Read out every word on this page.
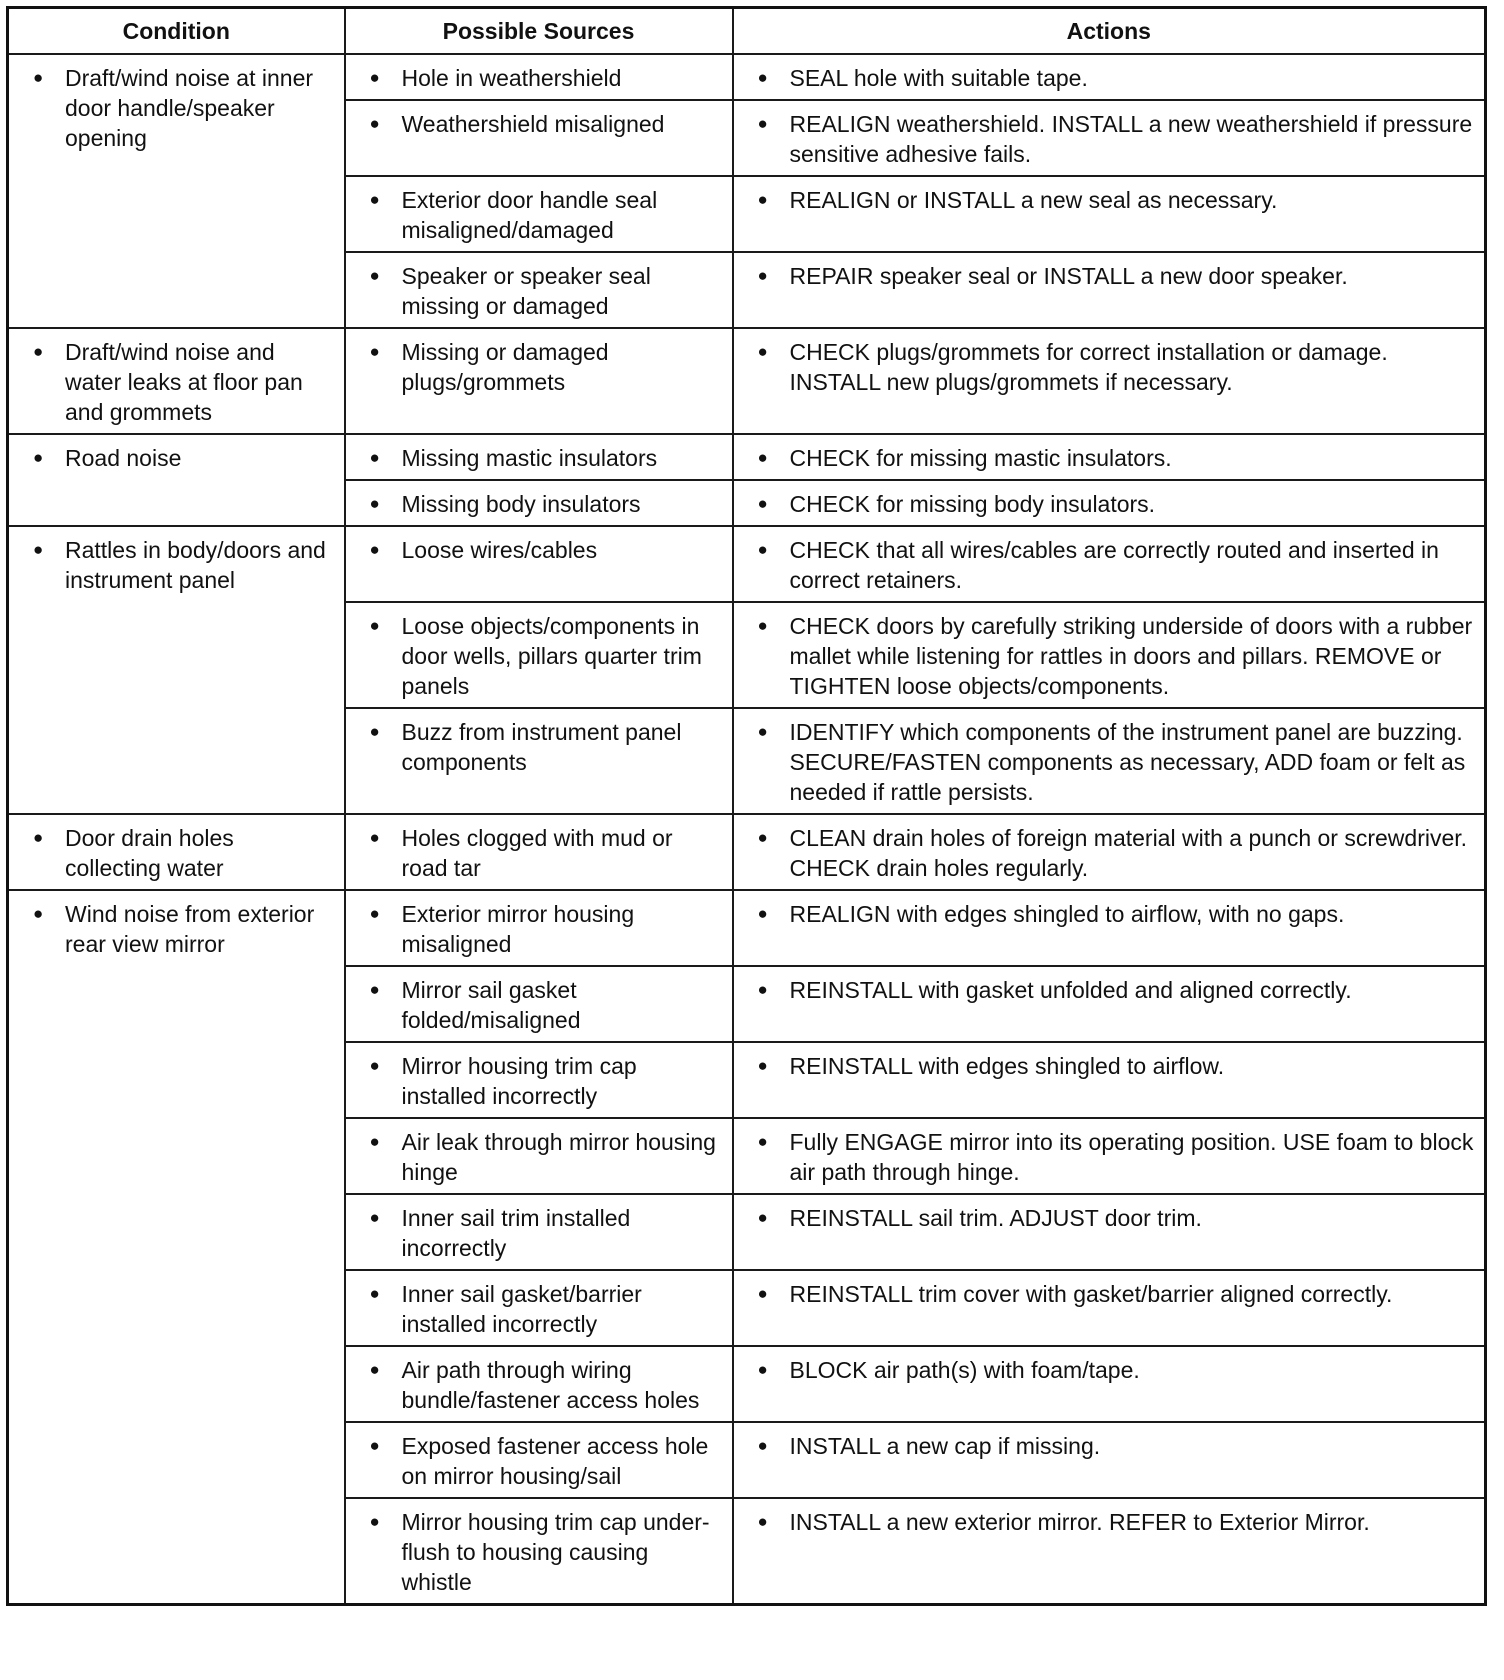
Condition	Possible Sources	Actions

● Draft/wind noise at inner door handle/speaker opening	● Hole in weathershield	● SEAL hole with suitable tape.

	● Weathershield misaligned	● REALIGN weathershield. INSTALL a new weathershield if pressure sensitive adhesive fails.

	● Exterior door handle seal misaligned/damaged	● REALIGN or INSTALL a new seal as necessary.

	● Speaker or speaker seal missing or damaged	● REPAIR speaker seal or INSTALL a new door speaker.

● Draft/wind noise and water leaks at floor pan and grommets	● Missing or damaged plugs/grommets	● CHECK plugs/grommets for correct installation or damage. INSTALL new plugs/grommets if necessary.

● Road noise	● Missing mastic insulators	● CHECK for missing mastic insulators.

	● Missing body insulators	● CHECK for missing body insulators.

● Rattles in body/doors and instrument panel	● Loose wires/cables	● CHECK that all wires/cables are correctly routed and inserted in correct retainers.

	● Loose objects/components in door wells, pillars quarter trim panels	● CHECK doors by carefully striking underside of doors with a rubber mallet while listening for rattles in doors and pillars. REMOVE or TIGHTEN loose objects/components.

	● Buzz from instrument panel components	● IDENTIFY which components of the instrument panel are buzzing. SECURE/FASTEN components as necessary, ADD foam or felt as needed if rattle persists.

● Door drain holes collecting water	● Holes clogged with mud or road tar	● CLEAN drain holes of foreign material with a punch or screwdriver. CHECK drain holes regularly.

● Wind noise from exterior rear view mirror	● Exterior mirror housing misaligned	● REALIGN with edges shingled to airflow, with no gaps.

	● Mirror sail gasket folded/misaligned	● REINSTALL with gasket unfolded and aligned correctly.

	● Mirror housing trim cap installed incorrectly	● REINSTALL with edges shingled to airflow.

	● Air leak through mirror housing hinge	● Fully ENGAGE mirror into its operating position. USE foam to block air path through hinge.

	● Inner sail trim installed incorrectly	● REINSTALL sail trim. ADJUST door trim.

	● Inner sail gasket/barrier installed incorrectly	● REINSTALL trim cover with gasket/barrier aligned correctly.

	● Air path through wiring bundle/fastener access holes	● BLOCK air path(s) with foam/tape.

	● Exposed fastener access hole on mirror housing/sail	● INSTALL a new cap if missing.

	● Mirror housing trim cap under-flush to housing causing whistle	● INSTALL a new exterior mirror. REFER to Exterior Mirror.
